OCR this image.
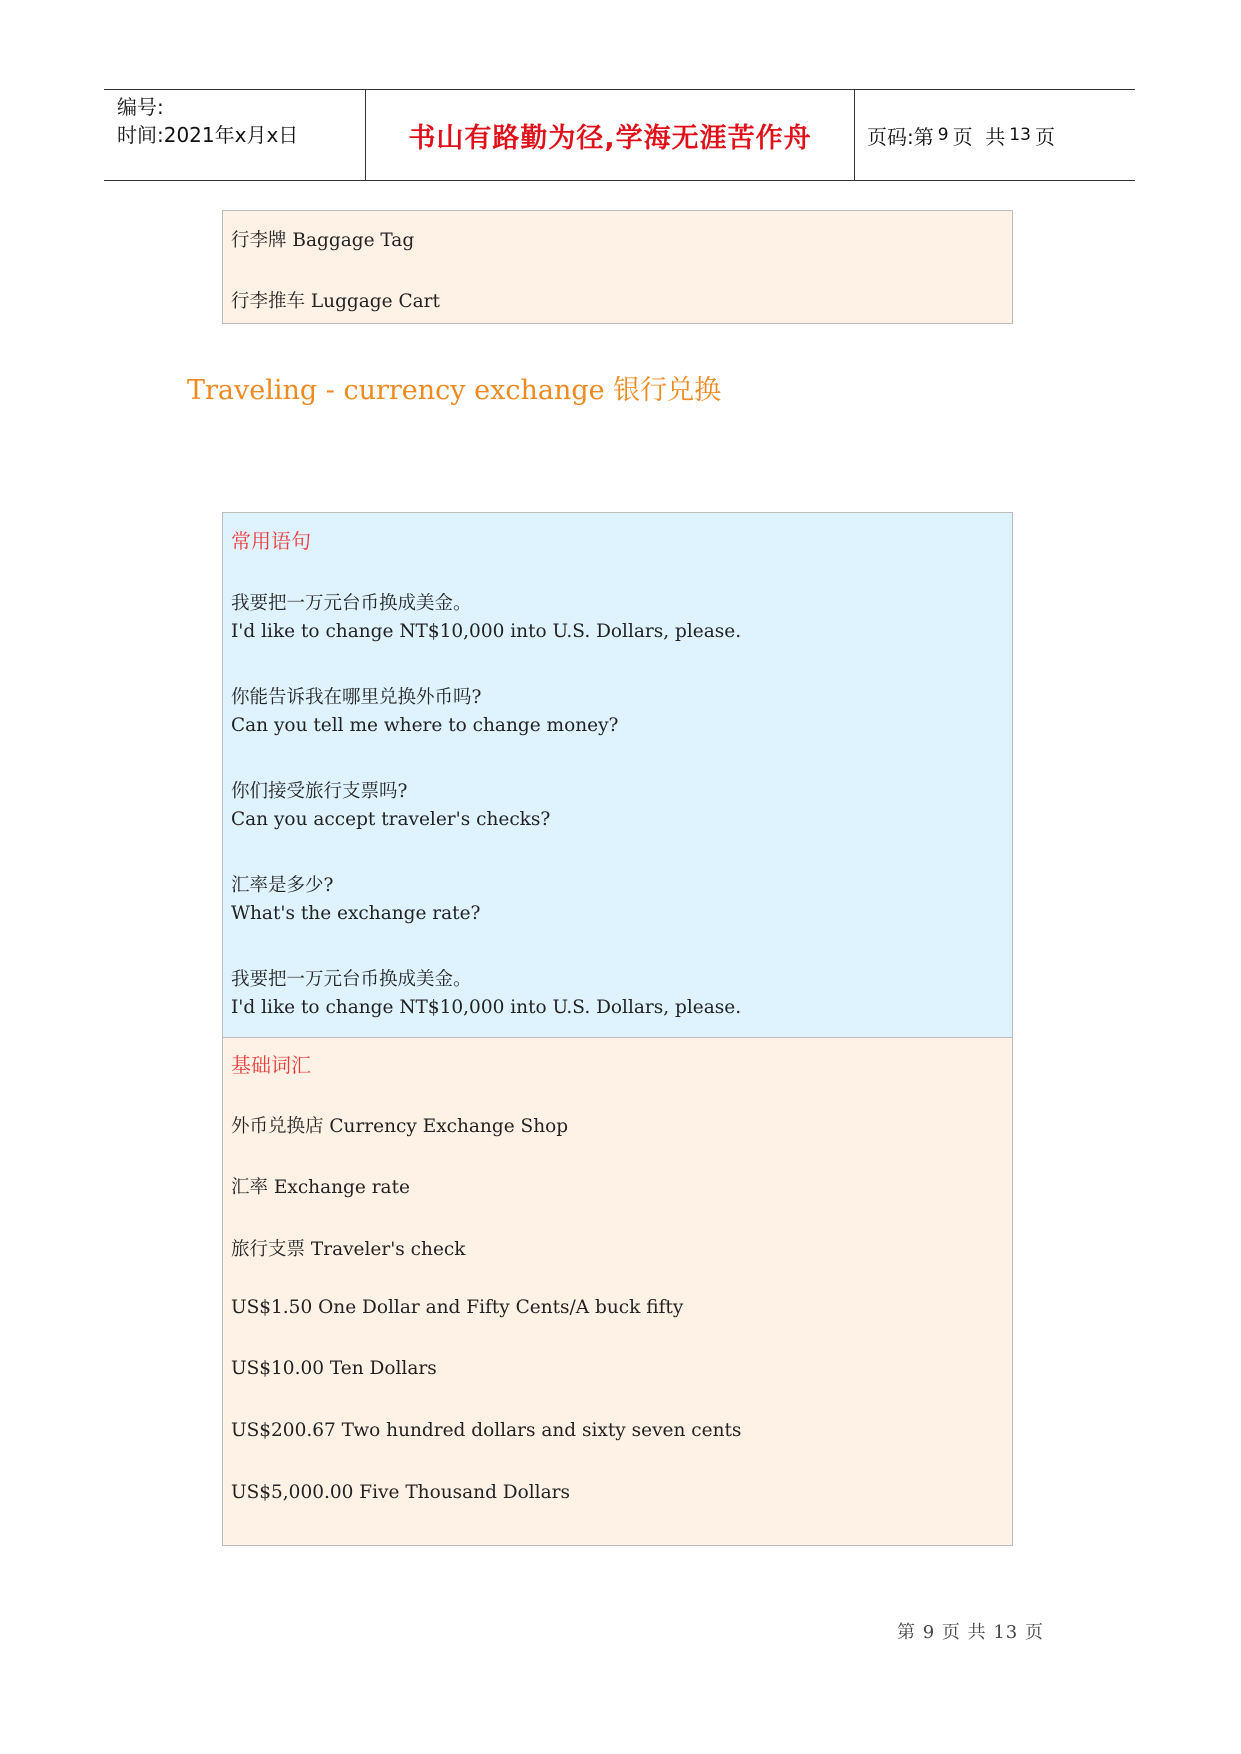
编号:
时间:2021年x月x日	书山有路勤为径,学海无涯苦作舟	页码:第 9 页  共 13 页
行李牌 Baggage Tag
行李推车 Luggage Cart
Traveling - currency exchange 银行兑换
常用语句
我要把一万元台币换成美金。
I'd like to change NT$10,000 into U.S. Dollars, please.
你能告诉我在哪里兑换外币吗?
Can you tell me where to change money?
你们接受旅行支票吗?
Can you accept traveler's checks?
汇率是多少?
What's the exchange rate?
我要把一万元台币换成美金。
I'd like to change NT$10,000 into U.S. Dollars, please.
基础词汇
外币兑换店 Currency Exchange Shop
汇率 Exchange rate
旅行支票 Traveler's check
US$1.50 One Dollar and Fifty Cents/A buck fifty
US$10.00 Ten Dollars
US$200.67 Two hundred dollars and sixty seven cents
US$5,000.00 Five Thousand Dollars
第 9 页 共 13 页
